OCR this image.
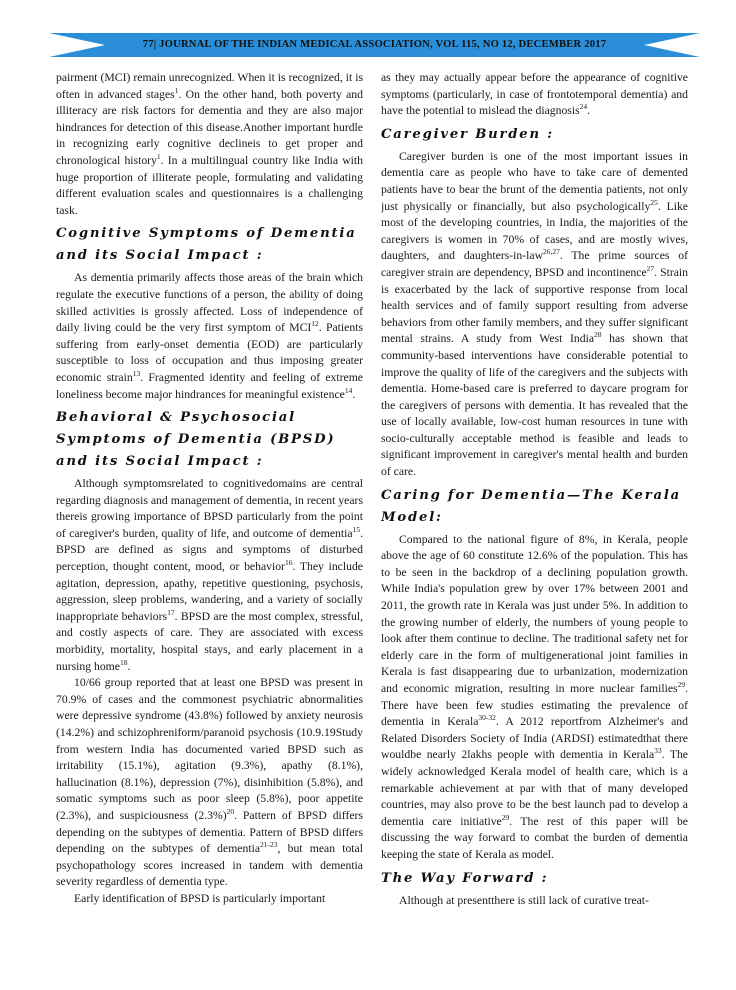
77| JOURNAL OF THE INDIAN MEDICAL ASSOCIATION, VOL 115, NO 12, DECEMBER 2017

pairment (MCI) remain unrecognized. When it is recognized, it is often in advanced stages$^1$. On the other hand, both poverty and illiteracy are risk factors for dementia and they are also major hindrances for detection of this disease.Another important hurdle in recognizing early cognitive declineis to get proper and chronological history$^1$. In a multilingual country like India with huge proportion of illiterate people, formulating and validating different evaluation scales and questionnaires is a challenging task.

Cognitive Symptoms of Dementia and its Social Impact :

As dementia primarily affects those areas of the brain which regulate the executive functions of a person, the ability of doing skilled activities is grossly affected. Loss of independence of daily living could be the very first symptom of MCI$^{12}$. Patients suffering from early-onset dementia (EOD) are particularly susceptible to loss of occupation and thus imposing greater economic strain$^{13}$. Fragmented identity and feeling of extreme loneliness become major hindrances for meaningful existence$^{14}$.

Behavioral & Psychosocial Symptoms of Dementia (BPSD) and its Social Impact :

Although symptomsrelated to cognitivedomains are central regarding diagnosis and management of dementia, in recent years thereis growing importance of BPSD particularly from the point of caregiver's burden, quality of life, and outcome of dementia$^{15}$. BPSD are defined as signs and symptoms of disturbed perception, thought content, mood, or behavior$^{16}$. They include agitation, depression, apathy, repetitive questioning, psychosis, aggression, sleep problems, wandering, and a variety of socially inappropriate behaviors$^{17}$. BPSD are the most complex, stressful, and costly aspects of care. They are associated with excess morbidity, mortality, hospital stays, and early placement in a nursing home$^{18}$.

10/66 group reported that at least one BPSD was present in 70.9% of cases and the commonest psychiatric abnormalities were depressive syndrome (43.8%) followed by anxiety neurosis (14.2%) and schizophreniform/paranoid psychosis (10.9.19Study from western India has documented varied BPSD such as irritability (15.1%), agitation (9.3%), apathy (8.1%), hallucination (8.1%), depression (7%), disinhibition (5.8%), and somatic symptoms such as poor sleep (5.8%), poor appetite (2.3%), and suspiciousness $(2.3\%)^{20}$. Pattern of BPSD differs depending on the subtypes of dementia. Pattern of BPSD differs depending on the subtypes of dementia$^{21-23}$, but mean total psychopathology scores increased in tandem with dementia severity regardless of dementia type.

Early identification of BPSD is particularly important

as they may actually appear before the appearance of cognitive symptoms (particularly, in case of frontotemporal dementia) and have the potential to mislead the diagnosis$^{24}$.

Caregiver Burden :

Caregiver burden is one of the most important issues in dementia care as people who have to take care of demented patients have to bear the brunt of the dementia patients, not only just physically or financially, but also psychologically$^{25}$. Like most of the developing countries, in India, the majorities of the caregivers is women in 70% of cases, and are mostly wives, daughters, and daughters-in-law$^{26,27}$. The prime sources of caregiver strain are dependency, BPSD and incontinence$^{27}$. Strain is exacerbated by the lack of supportive response from local health services and of family support resulting from adverse behaviors from other family members, and they suffer significant mental strains. A study from West India$^{28}$ has shown that community-based interventions have considerable potential to improve the quality of life of the caregivers and the subjects with dementia. Home-based care is preferred to daycare program for the caregivers of persons with dementia. It has revealed that the use of locally available, low-cost human resources in tune with socio-culturally acceptable method is feasible and leads to significant improvement in caregiver's mental health and burden of care.

Caring for Dementia—The Kerala Model:

Compared to the national figure of 8%, in Kerala, people above the age of 60 constitute 12.6% of the population. This has to be seen in the backdrop of a declining population growth. While India's population grew by over 17% between 2001 and 2011, the growth rate in Kerala was just under 5%. In addition to the growing number of elderly, the numbers of young people to look after them continue to decline. The traditional safety net for elderly care in the form of multigenerational joint families in Kerala is fast disappearing due to urbanization, modernization and economic migration, resulting in more nuclear families$^{29}$. There have been few studies estimating the prevalence of dementia in Kerala$^{30-32}$. A 2012 reportfrom Alzheimer's and Related Disorders Society of India (ARDSI) estimatedthat there wouldbe nearly 2lakhs people with dementia in Kerala$^{33}$. The widely acknowledged Kerala model of health care, which is a remarkable achievement at par with that of many developed countries, may also prove to be the best launch pad to develop a dementia care initiative$^{29}$. The rest of this paper will be discussing the way forward to combat the burden of dementia keeping the state of Kerala as model.

The Way Forward :

Although at presentthere is still lack of curative treat-
